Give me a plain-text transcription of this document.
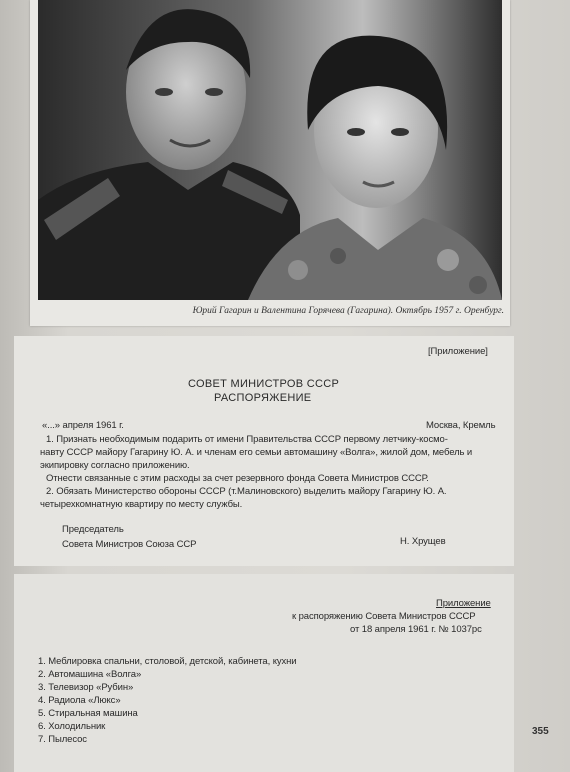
Юрий Гагарин и Валентина Горячева (Гагарина). Октябрь 1957 г. Оренбург.
[Приложение]
СОВЕТ МИНИСТРОВ СССР
РАСПОРЯЖЕНИЕ
«...» апреля 1961 г.	Москва, Кремль
1. Признать необходимым подарить от имени Правительства СССР первому летчику-космо-
навту СССР майору Гагарину Ю. А. и членам его семьи автомашину «Волга», жилой дом, мебель и
экипировку согласно приложению.
Отнести связанные с этим расходы за счет резервного фонда Совета Министров СССР.
2. Обязать Министерство обороны СССР (т.Малиновского) выделить майору Гагарину Ю. А.
четырехкомнатную квартиру по месту службы.
Председатель
Совета Министров Союза ССР	Н. Хрущев
Приложение
к распоряжению Совета Министров СССР
от 18 апреля 1961 г. № 1037рс
1. Меблировка спальни, столовой, детской, кабинета, кухни
2. Автомашина «Волга»
3. Телевизор «Рубин»
4. Радиола «Люкс»
5. Стиральная машина
6. Холодильник
7. Пылесос
355
